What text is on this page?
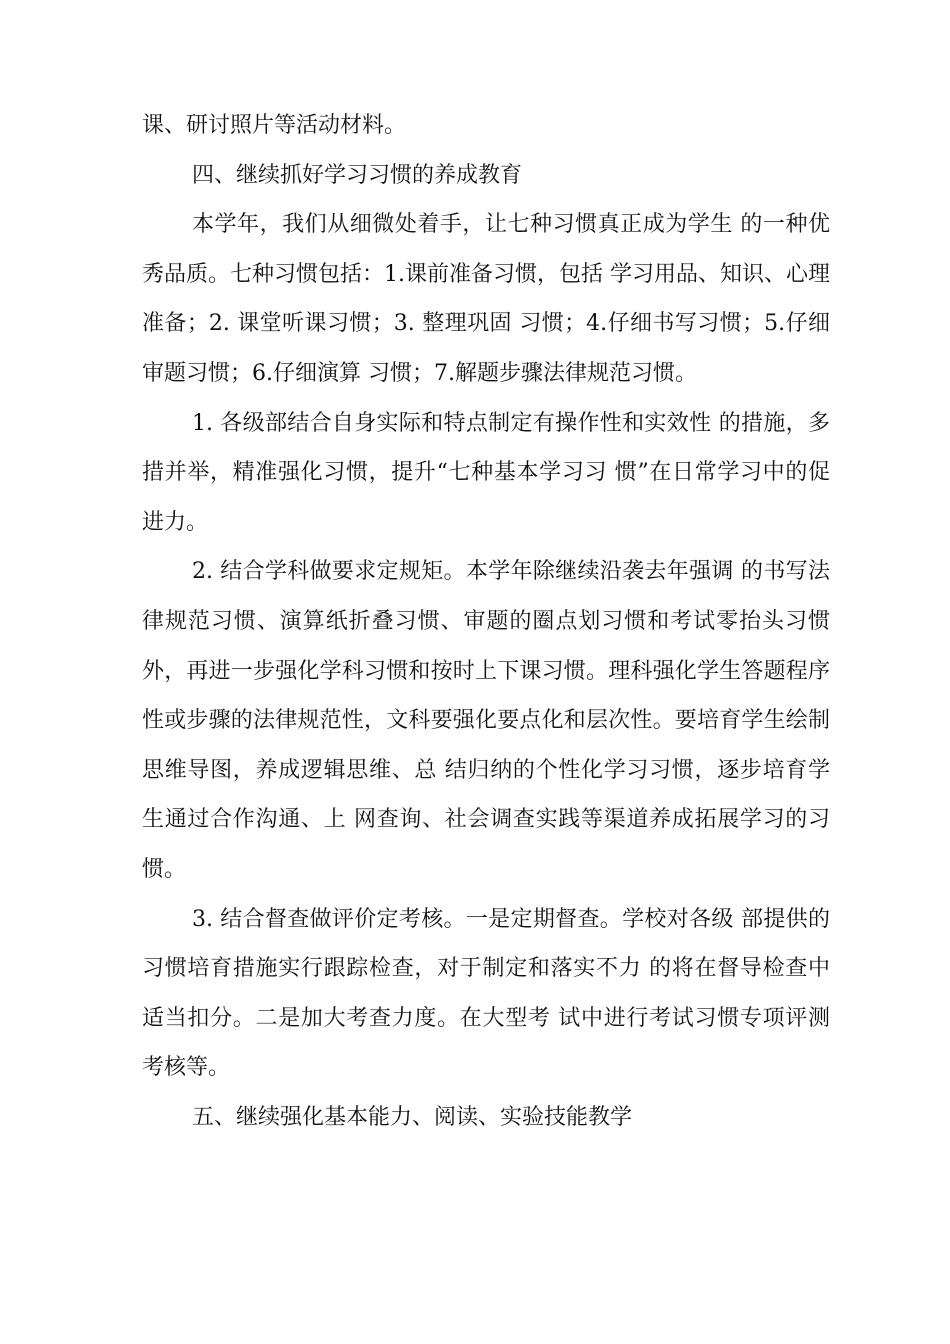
课、研讨照片等活动材料。

四、继续抓好学习习惯的养成教育

本学年，我们从细微处着手，让七种习惯真正成为学生 的一种优秀品质。七种习惯包括：1.课前准备习惯，包括 学习用品、知识、心理准备；2. 课堂听课习惯；3. 整理巩固 习惯；4.仔细书写习惯；5.仔细审题习惯；6.仔细演算 习惯；7.解题步骤法律规范习惯。

1. 各级部结合自身实际和特点制定有操作性和实效性 的措施，多措并举，精准强化习惯，提升“七种基本学习习 惯”在日常学习中的促进力。

2. 结合学科做要求定规矩。本学年除继续沿袭去年强调 的书写法律规范习惯、演算纸折叠习惯、审题的圈点划习惯和考试零抬头习惯外，再进一步强化学科习惯和按时上下课习惯。理科强化学生答题程序性或步骤的法律规范性，文科要强化要点化和层次性。要培育学生绘制思维导图，养成逻辑思维、总 结归纳的个性化学习习惯，逐步培育学生通过合作沟通、上 网查询、社会调查实践等渠道养成拓展学习的习惯。

3. 结合督查做评价定考核。一是定期督查。学校对各级 部提供的习惯培育措施实行跟踪检查，对于制定和落实不力 的将在督导检查中适当扣分。二是加大考查力度。在大型考 试中进行考试习惯专项评测考核等。

五、继续强化基本能力、阅读、实验技能教学
